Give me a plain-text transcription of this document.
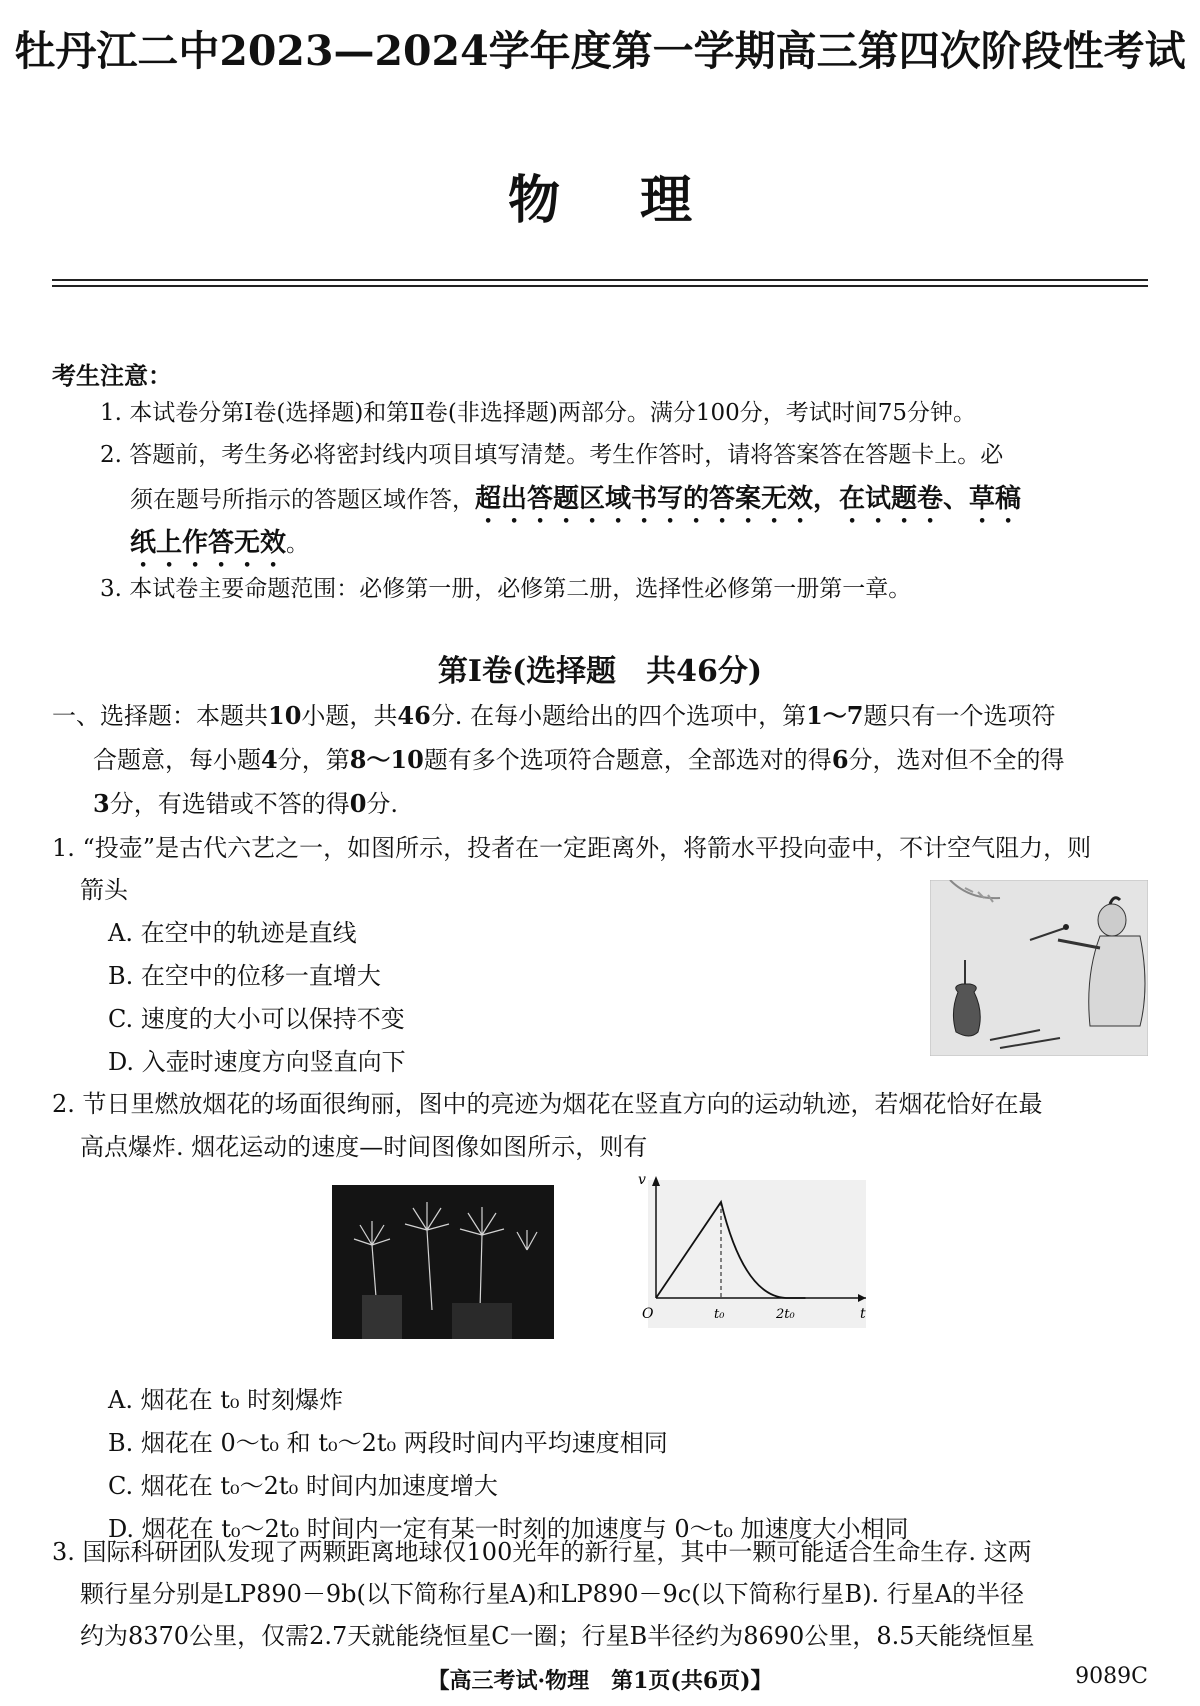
牡丹江二中2023—2024学年度第一学期高三第四次阶段性考试
物 理
考生注意：
1. 本试卷分第Ⅰ卷(选择题)和第Ⅱ卷(非选择题)两部分。满分100分，考试时间75分钟。
2. 答题前，考生务必将密封线内项目填写清楚。考生作答时，请将答案答在答题卡上。必
须在题号所指示的答题区域作答，超出答题区域书写的答案无效，在试题卷、草稿
纸上作答无效。
3. 本试卷主要命题范围：必修第一册，必修第二册，选择性必修第一册第一章。
第Ⅰ卷(选择题　共46分)
一、选择题：本题共10小题，共46分. 在每小题给出的四个选项中，第1～7题只有一个选项符
合题意，每小题4分，第8～10题有多个选项符合题意，全部选对的得6分，选对但不全的得
3分，有选错或不答的得0分.
1. “投壶”是古代六艺之一，如图所示，投者在一定距离外，将箭水平投向壶中，不计空气阻力，则
箭头
A. 在空中的轨迹是直线
B. 在空中的位移一直增大
C. 速度的大小可以保持不变
D. 入壶时速度方向竖直向下
2. 节日里燃放烟花的场面很绚丽，图中的亮迹为烟花在竖直方向的运动轨迹，若烟花恰好在最
高点爆炸. 烟花运动的速度—时间图像如图所示，则有
v
t
O	t₀	2t₀
A. 烟花在 t₀ 时刻爆炸
B. 烟花在 0～t₀ 和 t₀～2t₀ 两段时间内平均速度相同
C. 烟花在 t₀～2t₀ 时间内加速度增大
D. 烟花在 t₀～2t₀ 时间内一定有某一时刻的加速度与 0～t₀ 加速度大小相同
3. 国际科研团队发现了两颗距离地球仅100光年的新行星，其中一颗可能适合生命生存. 这两
颗行星分别是LP890－9b(以下简称行星A)和LP890－9c(以下简称行星B). 行星A的半径
【高三考试·物理　第1页(共6页)】	9089C
约为8370公里，仅需2.7天就能绕恒星C一圈；行星B半径约为8690公里，8.5天能绕恒星
